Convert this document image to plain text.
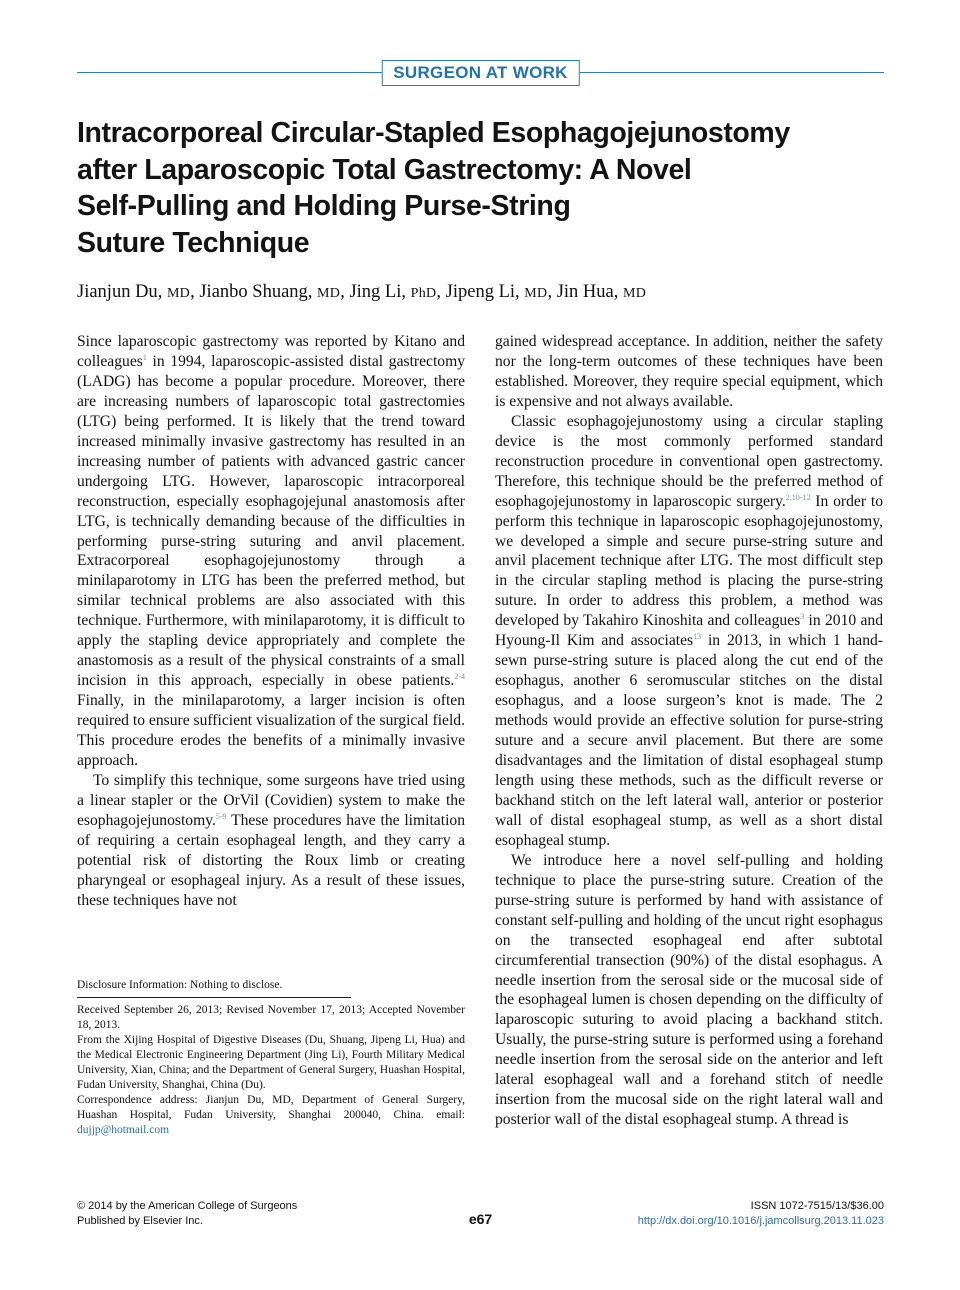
SURGEON AT WORK
Intracorporeal Circular-Stapled Esophagojejunostomy
after Laparoscopic Total Gastrectomy: A Novel
Self-Pulling and Holding Purse-String
Suture Technique
Jianjun Du, MD, Jianbo Shuang, MD, Jing Li, PhD, Jipeng Li, MD, Jin Hua, MD

Since laparoscopic gastrectomy was reported by Kitano and colleagues$^1$ in 1994, laparoscopic-assisted distal gastrectomy (LADG) has become a popular procedure. Moreover, there are increasing numbers of laparoscopic total gastrectomies (LTG) being performed. It is likely that the trend toward increased minimally invasive gastrectomy has resulted in an increasing number of patients with advanced gastric cancer undergoing LTG. However, laparoscopic intracorporeal reconstruction, especially esophagojejunal anastomosis after LTG, is technically demanding because of the difficulties in performing purse-string suturing and anvil placement. Extracorporeal esophagojejunostomy through a minilaparotomy in LTG has been the preferred method, but similar technical problems are also associated with this technique. Furthermore, with minilaparotomy, it is difficult to apply the stapling device appropriately and complete the anastomosis as a result of the physical constraints of a small incision in this approach, especially in obese patients.$^{2-4}$ Finally, in the minilaparotomy, a larger incision is often required to ensure sufficient visualization of the surgical field. This procedure erodes the benefits of a minimally invasive approach.

To simplify this technique, some surgeons have tried using a linear stapler or the OrVil (Covidien) system to make the esophagojejunostomy.$^{5-9}$ These procedures have the limitation of requiring a certain esophageal length, and they carry a potential risk of distorting the Roux limb or creating pharyngeal or esophageal injury. As a result of these issues, these techniques have not

Disclosure Information: Nothing to disclose.

Received September 26, 2013; Revised November 17, 2013; Accepted November 18, 2013.

From the Xijing Hospital of Digestive Diseases (Du, Shuang, Jipeng Li, Hua) and the Medical Electronic Engineering Department (Jing Li), Fourth Military Medical University, Xian, China; and the Department of General Surgery, Huashan Hospital, Fudan University, Shanghai, China (Du).

Correspondence address: Jianjun Du, MD, Department of General Surgery, Huashan Hospital, Fudan University, Shanghai 200040, China. email: dujjp@hotmail.com

gained widespread acceptance. In addition, neither the safety nor the long-term outcomes of these techniques have been established. Moreover, they require special equipment, which is expensive and not always available.

Classic esophagojejunostomy using a circular stapling device is the most commonly performed standard reconstruction procedure in conventional open gastrectomy. Therefore, this technique should be the preferred method of esophagojejunostomy in laparoscopic surgery.$^{2,10-12}$ In order to perform this technique in laparoscopic esophagojejunostomy, we developed a simple and secure purse-string suture and anvil placement technique after LTG. The most difficult step in the circular stapling method is placing the purse-string suture. In order to address this problem, a method was developed by Takahiro Kinoshita and colleagues$^3$ in 2010 and Hyoung-Il Kim and associates$^{13}$ in 2013, in which 1 hand-sewn purse-string suture is placed along the cut end of the esophagus, another 6 seromuscular stitches on the distal esophagus, and a loose surgeon’s knot is made. The 2 methods would provide an effective solution for purse-string suture and a secure anvil placement. But there are some disadvantages and the limitation of distal esophageal stump length using these methods, such as the difficult reverse or backhand stitch on the left lateral wall, anterior or posterior wall of distal esophageal stump, as well as a short distal esophageal stump.

We introduce here a novel self-pulling and holding technique to place the purse-string suture. Creation of the purse-string suture is performed by hand with assistance of constant self-pulling and holding of the uncut right esophagus on the transected esophageal end after subtotal circumferential transection (90%) of the distal esophagus. A needle insertion from the serosal side or the mucosal side of the esophageal lumen is chosen depending on the difficulty of laparoscopic suturing to avoid placing a backhand stitch. Usually, the purse-string suture is performed using a forehand needle insertion from the serosal side on the anterior and left lateral esophageal wall and a forehand stitch of needle insertion from the mucosal side on the right lateral wall and posterior wall of the distal esophageal stump. A thread is

© 2014 by the American College of Surgeons
Published by Elsevier Inc.	e67
ISSN 1072-7515/13/$36.00
http://dx.doi.org/10.1016/j.jamcollsurg.2013.11.023
